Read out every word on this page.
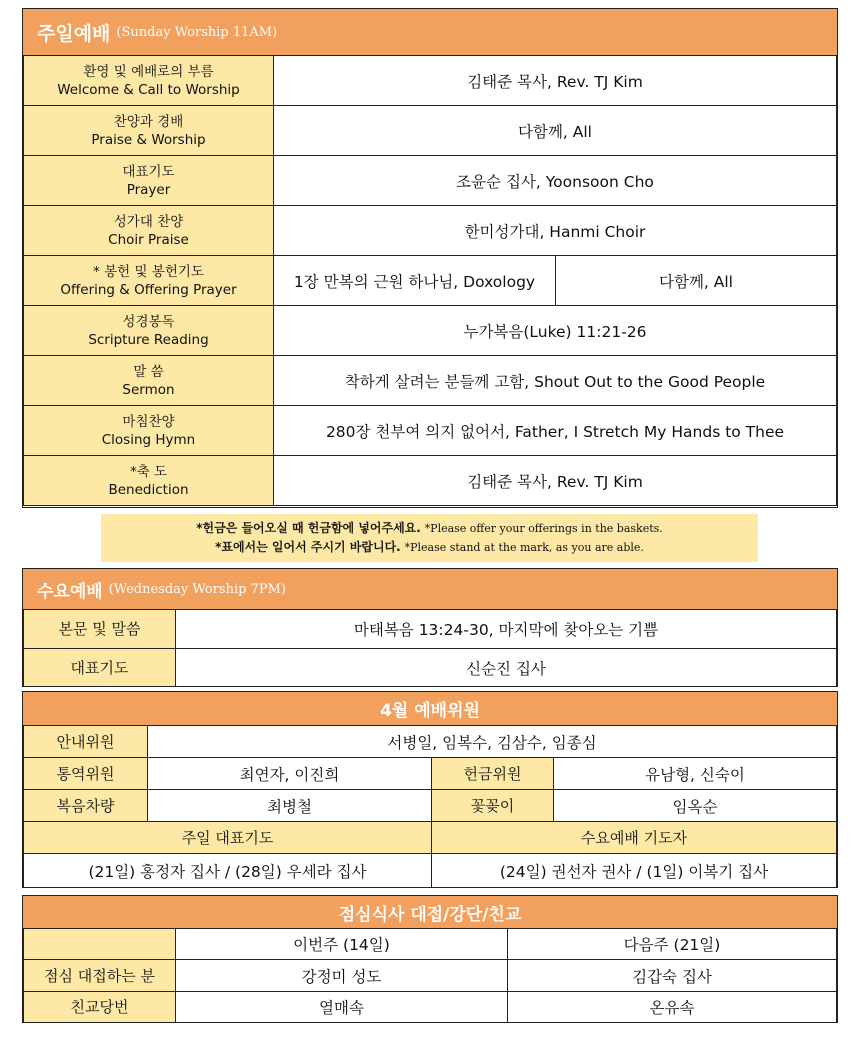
주일예배 (Sunday Worship 11AM)
환영 및 예배로의 부름
Welcome & Call to Worship	김태준 목사, Rev. TJ Kim	

찬양과 경배
Praise & Worship	다함께, All	

대표기도
Prayer	조윤순 집사, Yoonsoon Cho	

성가대 찬양
Choir Praise	한미성가대, Hanmi Choir	

* 봉헌 및 봉헌기도
Offering & Offering Prayer	1장 만복의 근원 하나님, Doxology	다함께, All

성경봉독
Scripture Reading	누가복음(Luke) 11:21-26	

말 씀
Sermon	착하게 살려는 분들께 고함, Shout Out to the Good People	

마침찬양
Closing Hymn	280장 천부여 의지 없어서, Father, I Stretch My Hands to Thee	

*축 도
Benediction	김태준 목사, Rev. TJ Kim	
*헌금은 들어오실 때 헌금함에 넣어주세요. *Please offer your offerings in the baskets.
*표에서는 일어서 주시기 바랍니다. *Please stand at the mark, as you are able.
수요예배 (Wednesday Worship 7PM)
본문 및 말씀	마태복음 13:24-30, 마지막에 찾아오는 기쁨
대표기도	신순진 집사
4월 예배위원
안내위원	서병일, 임복수, 김삼수, 임종심		
통역위원	최연자, 이진희	헌금위원	유남형, 신숙이
복음차량	최병철	꽃꽂이	임옥순
주일 대표기도		수요예배 기도자	
(21일) 홍정자 집사 / (28일) 우세라 집사		(24일) 권선자 권사 / (1일) 이복기 집사	
점심식사 대접/강단/친교
	이번주 (14일)	다음주 (21일)
점심 대접하는 분	강정미 성도	김갑숙 집사
친교당번	열매속	온유속
